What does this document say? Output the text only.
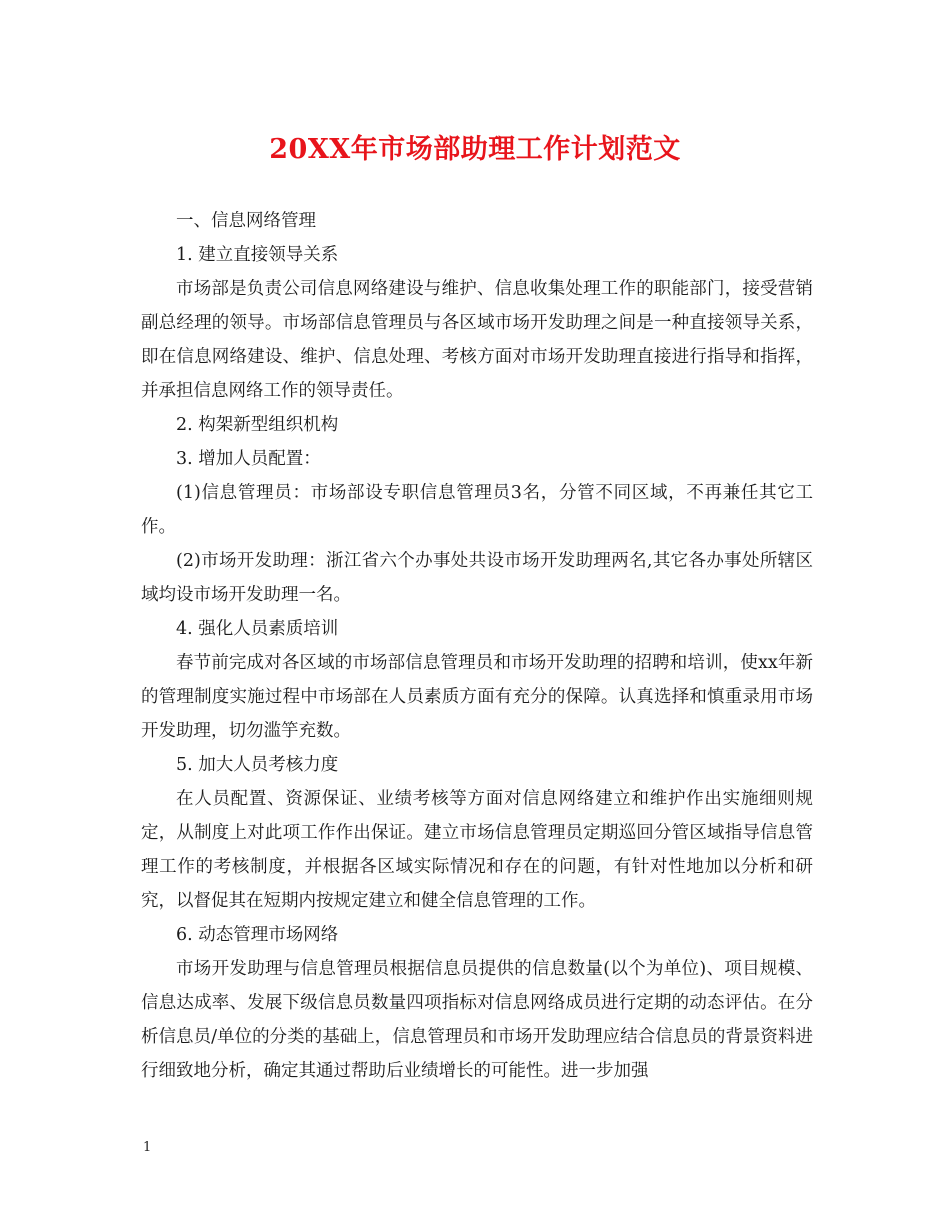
20XX年市场部助理工作计划范文

一、信息网络管理

1. 建立直接领导关系

市场部是负责公司信息网络建设与维护、信息收集处理工作的职能部门，接受营销副总经理的领导。市场部信息管理员与各区域市场开发助理之间是一种直接领导关系，即在信息网络建设、维护、信息处理、考核方面对市场开发助理直接进行指导和指挥，并承担信息网络工作的领导责任。

2. 构架新型组织机构

3. 增加人员配置：

(1)信息管理员：市场部设专职信息管理员3名，分管不同区域，不再兼任其它工作。

(2)市场开发助理：浙江省六个办事处共设市场开发助理两名,其它各办事处所辖区域均设市场开发助理一名。

4. 强化人员素质培训

春节前完成对各区域的市场部信息管理员和市场开发助理的招聘和培训，使xx年新的管理制度实施过程中市场部在人员素质方面有充分的保障。认真选择和慎重录用市场开发助理，切勿滥竽充数。

5. 加大人员考核力度

在人员配置、资源保证、业绩考核等方面对信息网络建立和维护作出实施细则规定，从制度上对此项工作作出保证。建立市场信息管理员定期巡回分管区域指导信息管理工作的考核制度，并根据各区域实际情况和存在的问题，有针对性地加以分析和研究，以督促其在短期内按规定建立和健全信息管理的工作。

6. 动态管理市场网络

市场开发助理与信息管理员根据信息员提供的信息数量(以个为单位)、项目规模、信息达成率、发展下级信息员数量四项指标对信息网络成员进行定期的动态评估。在分析信息员/单位的分类的基础上，信息管理员和市场开发助理应结合信息员的背景资料进行细致地分析，确定其通过帮助后业绩增长的可能性。进一步加强

1
